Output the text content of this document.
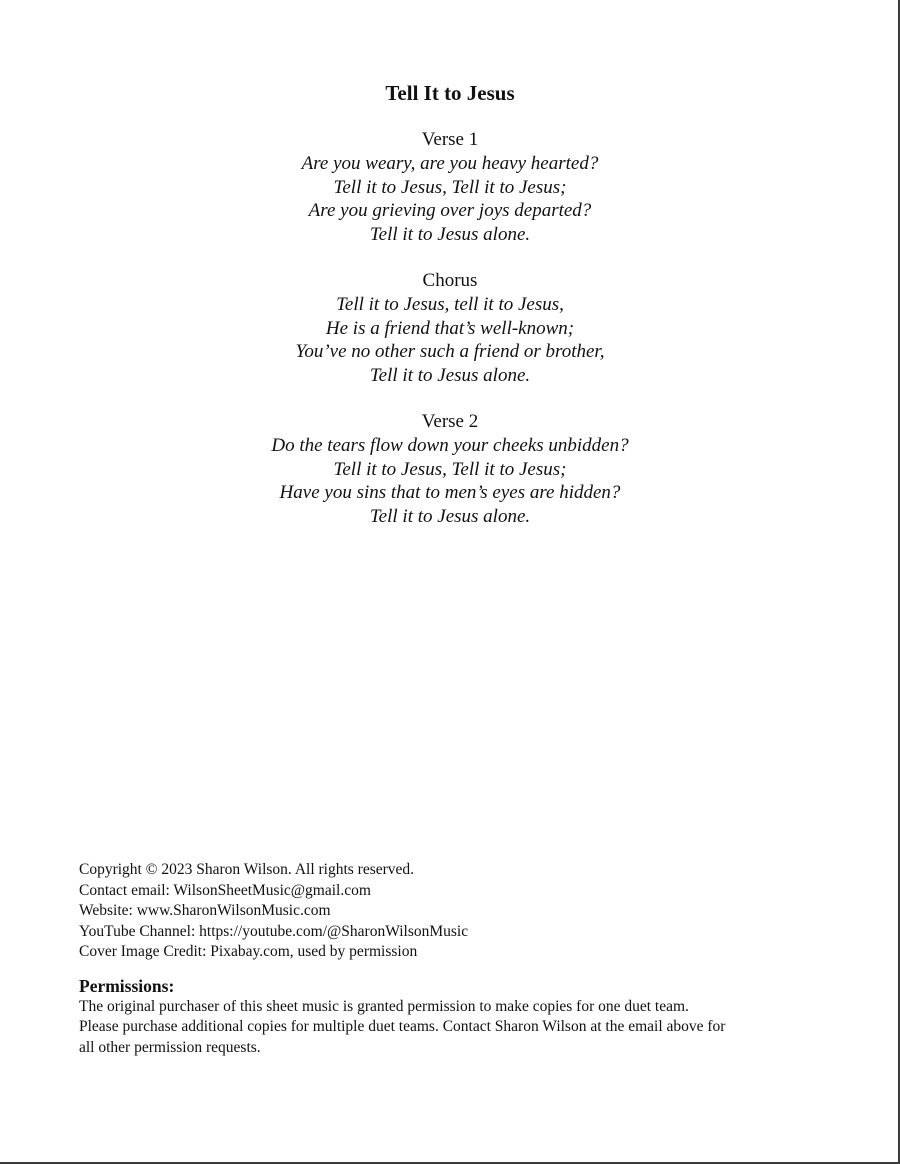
Tell It to Jesus
Verse 1
Are you weary, are you heavy hearted?
Tell it to Jesus, Tell it to Jesus;
Are you grieving over joys departed?
Tell it to Jesus alone.
Chorus
Tell it to Jesus, tell it to Jesus,
He is a friend that’s well-known;
You’ve no other such a friend or brother,
Tell it to Jesus alone.
Verse 2
Do the tears flow down your cheeks unbidden?
Tell it to Jesus, Tell it to Jesus;
Have you sins that to men’s eyes are hidden?
Tell it to Jesus alone.
Copyright © 2023 Sharon Wilson. All rights reserved.
Contact email: WilsonSheetMusic@gmail.com
Website: www.SharonWilsonMusic.com
YouTube Channel: https://youtube.com/@SharonWilsonMusic
Cover Image Credit: Pixabay.com, used by permission
Permissions:
The original purchaser of this sheet music is granted permission to make copies for one duet team.
Please purchase additional copies for multiple duet teams. Contact Sharon Wilson at the email above for
all other permission requests.
